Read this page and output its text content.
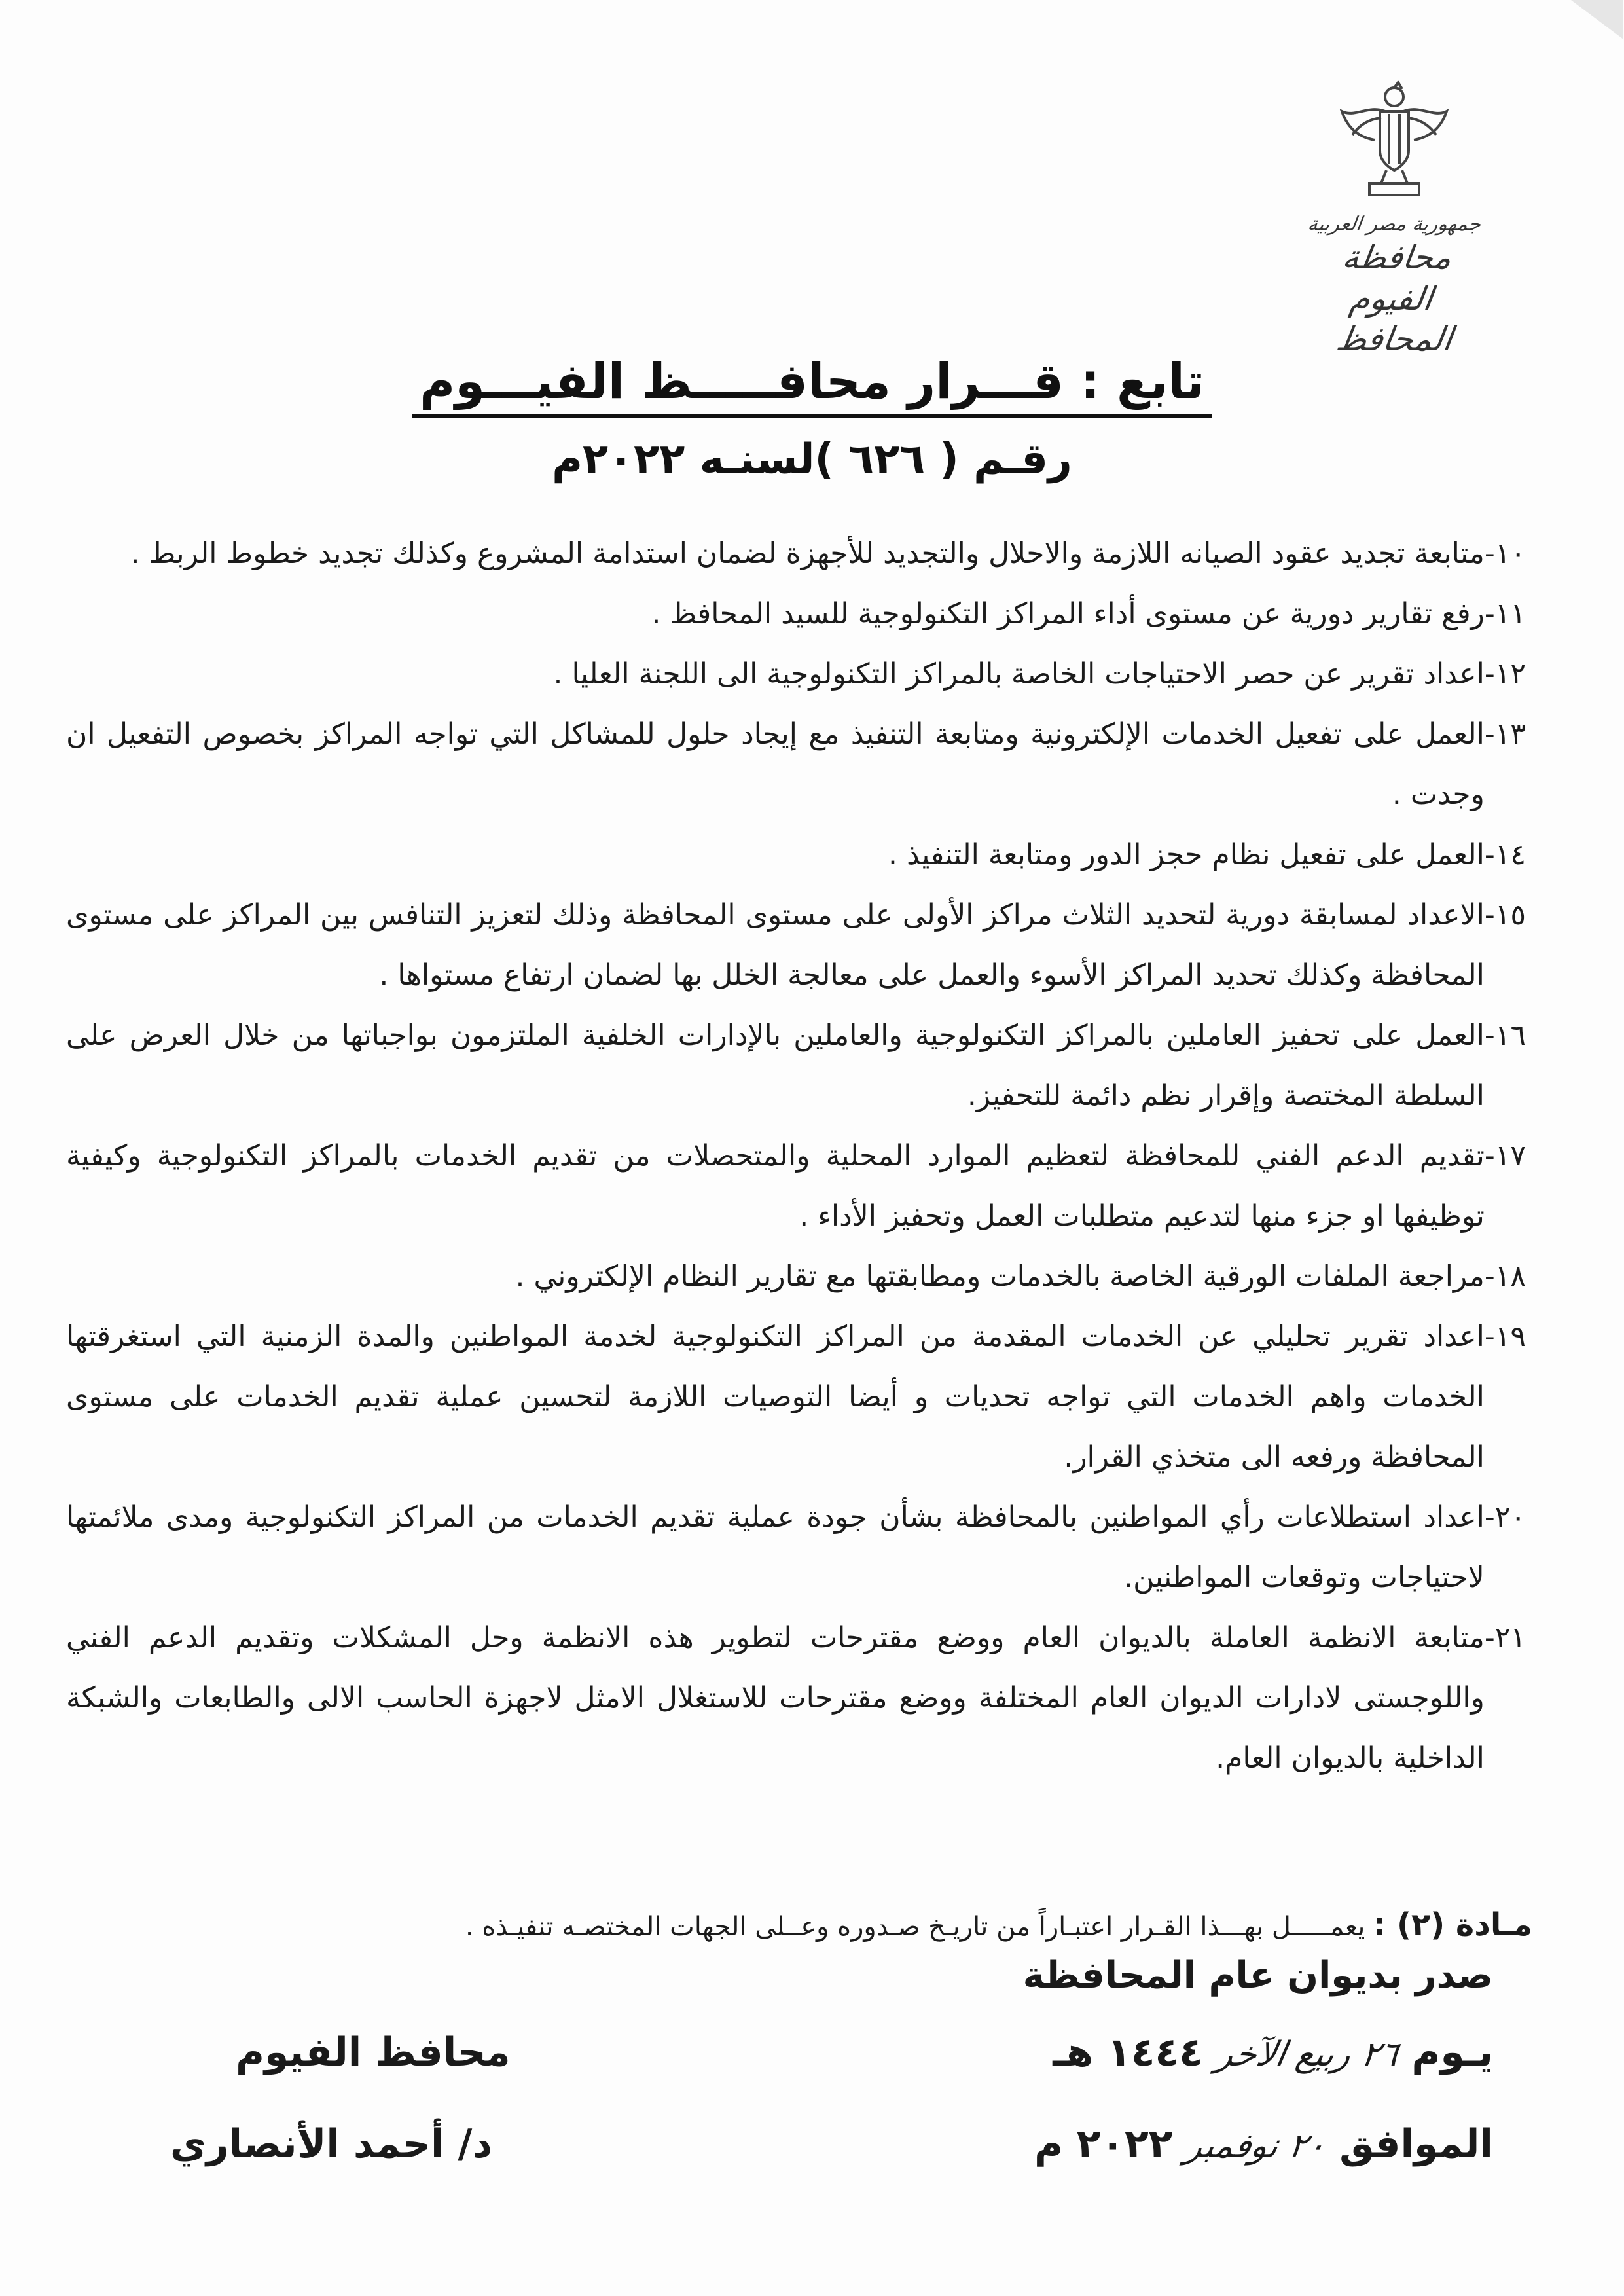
جمهورية مصر العربية
محافظة الفيوم
المحافظ
تابع : قـــرار محافـــــظ الفيـــوم
رقـم ( ٦٢٦ )لسنـه ٢٠٢٢م
١٠-
متابعة تجديد عقود الصيانه اللازمة والاحلال والتجديد للأجهزة لضمان استدامة المشروع وكذلك تجديد خطوط الربط .
١١-
رفع تقارير دورية عن مستوى أداء المراكز التكنولوجية للسيد المحافظ .
١٢-
اعداد تقرير عن حصر الاحتياجات الخاصة بالمراكز التكنولوجية الى اللجنة العليا .
١٣-
العمل على تفعيل الخدمات الإلكترونية ومتابعة التنفيذ مع إيجاد حلول للمشاكل التي تواجه المراكز بخصوص التفعيل ان وجدت .
١٤-
العمل على تفعيل نظام حجز الدور ومتابعة التنفيذ .
١٥-
الاعداد لمسابقة دورية لتحديد الثلاث مراكز الأولى على مستوى المحافظة وذلك لتعزيز التنافس بين المراكز على مستوى المحافظة وكذلك تحديد المراكز الأسوء والعمل على معالجة الخلل بها لضمان ارتفاع مستواها .
١٦-
العمل على تحفيز العاملين بالمراكز التكنولوجية والعاملين بالإدارات الخلفية الملتزمون بواجباتها من خلال العرض على السلطة المختصة وإقرار نظم دائمة للتحفيز.
١٧-
تقديم الدعم الفني للمحافظة لتعظيم الموارد المحلية والمتحصلات من تقديم الخدمات بالمراكز التكنولوجية وكيفية توظيفها او جزء منها لتدعيم متطلبات العمل وتحفيز الأداء .
١٨-
مراجعة الملفات الورقية الخاصة بالخدمات ومطابقتها مع تقارير النظام الإلكتروني .
١٩-
اعداد تقرير تحليلي عن الخدمات المقدمة من المراكز التكنولوجية لخدمة المواطنين والمدة الزمنية التي استغرقتها الخدمات واهم الخدمات التي تواجه تحديات و أيضا التوصيات اللازمة لتحسين عملية تقديم الخدمات على مستوى المحافظة ورفعه الى متخذي القرار.
٢٠-
اعداد استطلاعات رأي المواطنين بالمحافظة بشأن جودة عملية تقديم الخدمات من المراكز التكنولوجية ومدى ملائمتها لاحتياجات وتوقعات المواطنين.
٢١-
متابعة الانظمة العاملة بالديوان العام ووضع مقترحات لتطوير هذه الانظمة وحل المشكلات وتقديم الدعم الفني واللوجستى لادارات الديوان العام المختلفة ووضع مقترحات للاستغلال الامثل لاجهزة الحاسب الالى والطابعات والشبكة الداخلية بالديوان العام.
مـادة (٢) : يعمـــــل بهـــذا القـرار اعتبـاراً من تاريـخ صـدوره وعــلى الجهات المختصـه تنفيـذه .
صدر بديوان عام المحافظة
يـوم ٢٦ ربيع الآخر ١٤٤٤ هـ
الموافق ٢٠ نوفمبر ٢٠٢٢ م
محافظ الفيوم
د/ أحمد الأنصاري
